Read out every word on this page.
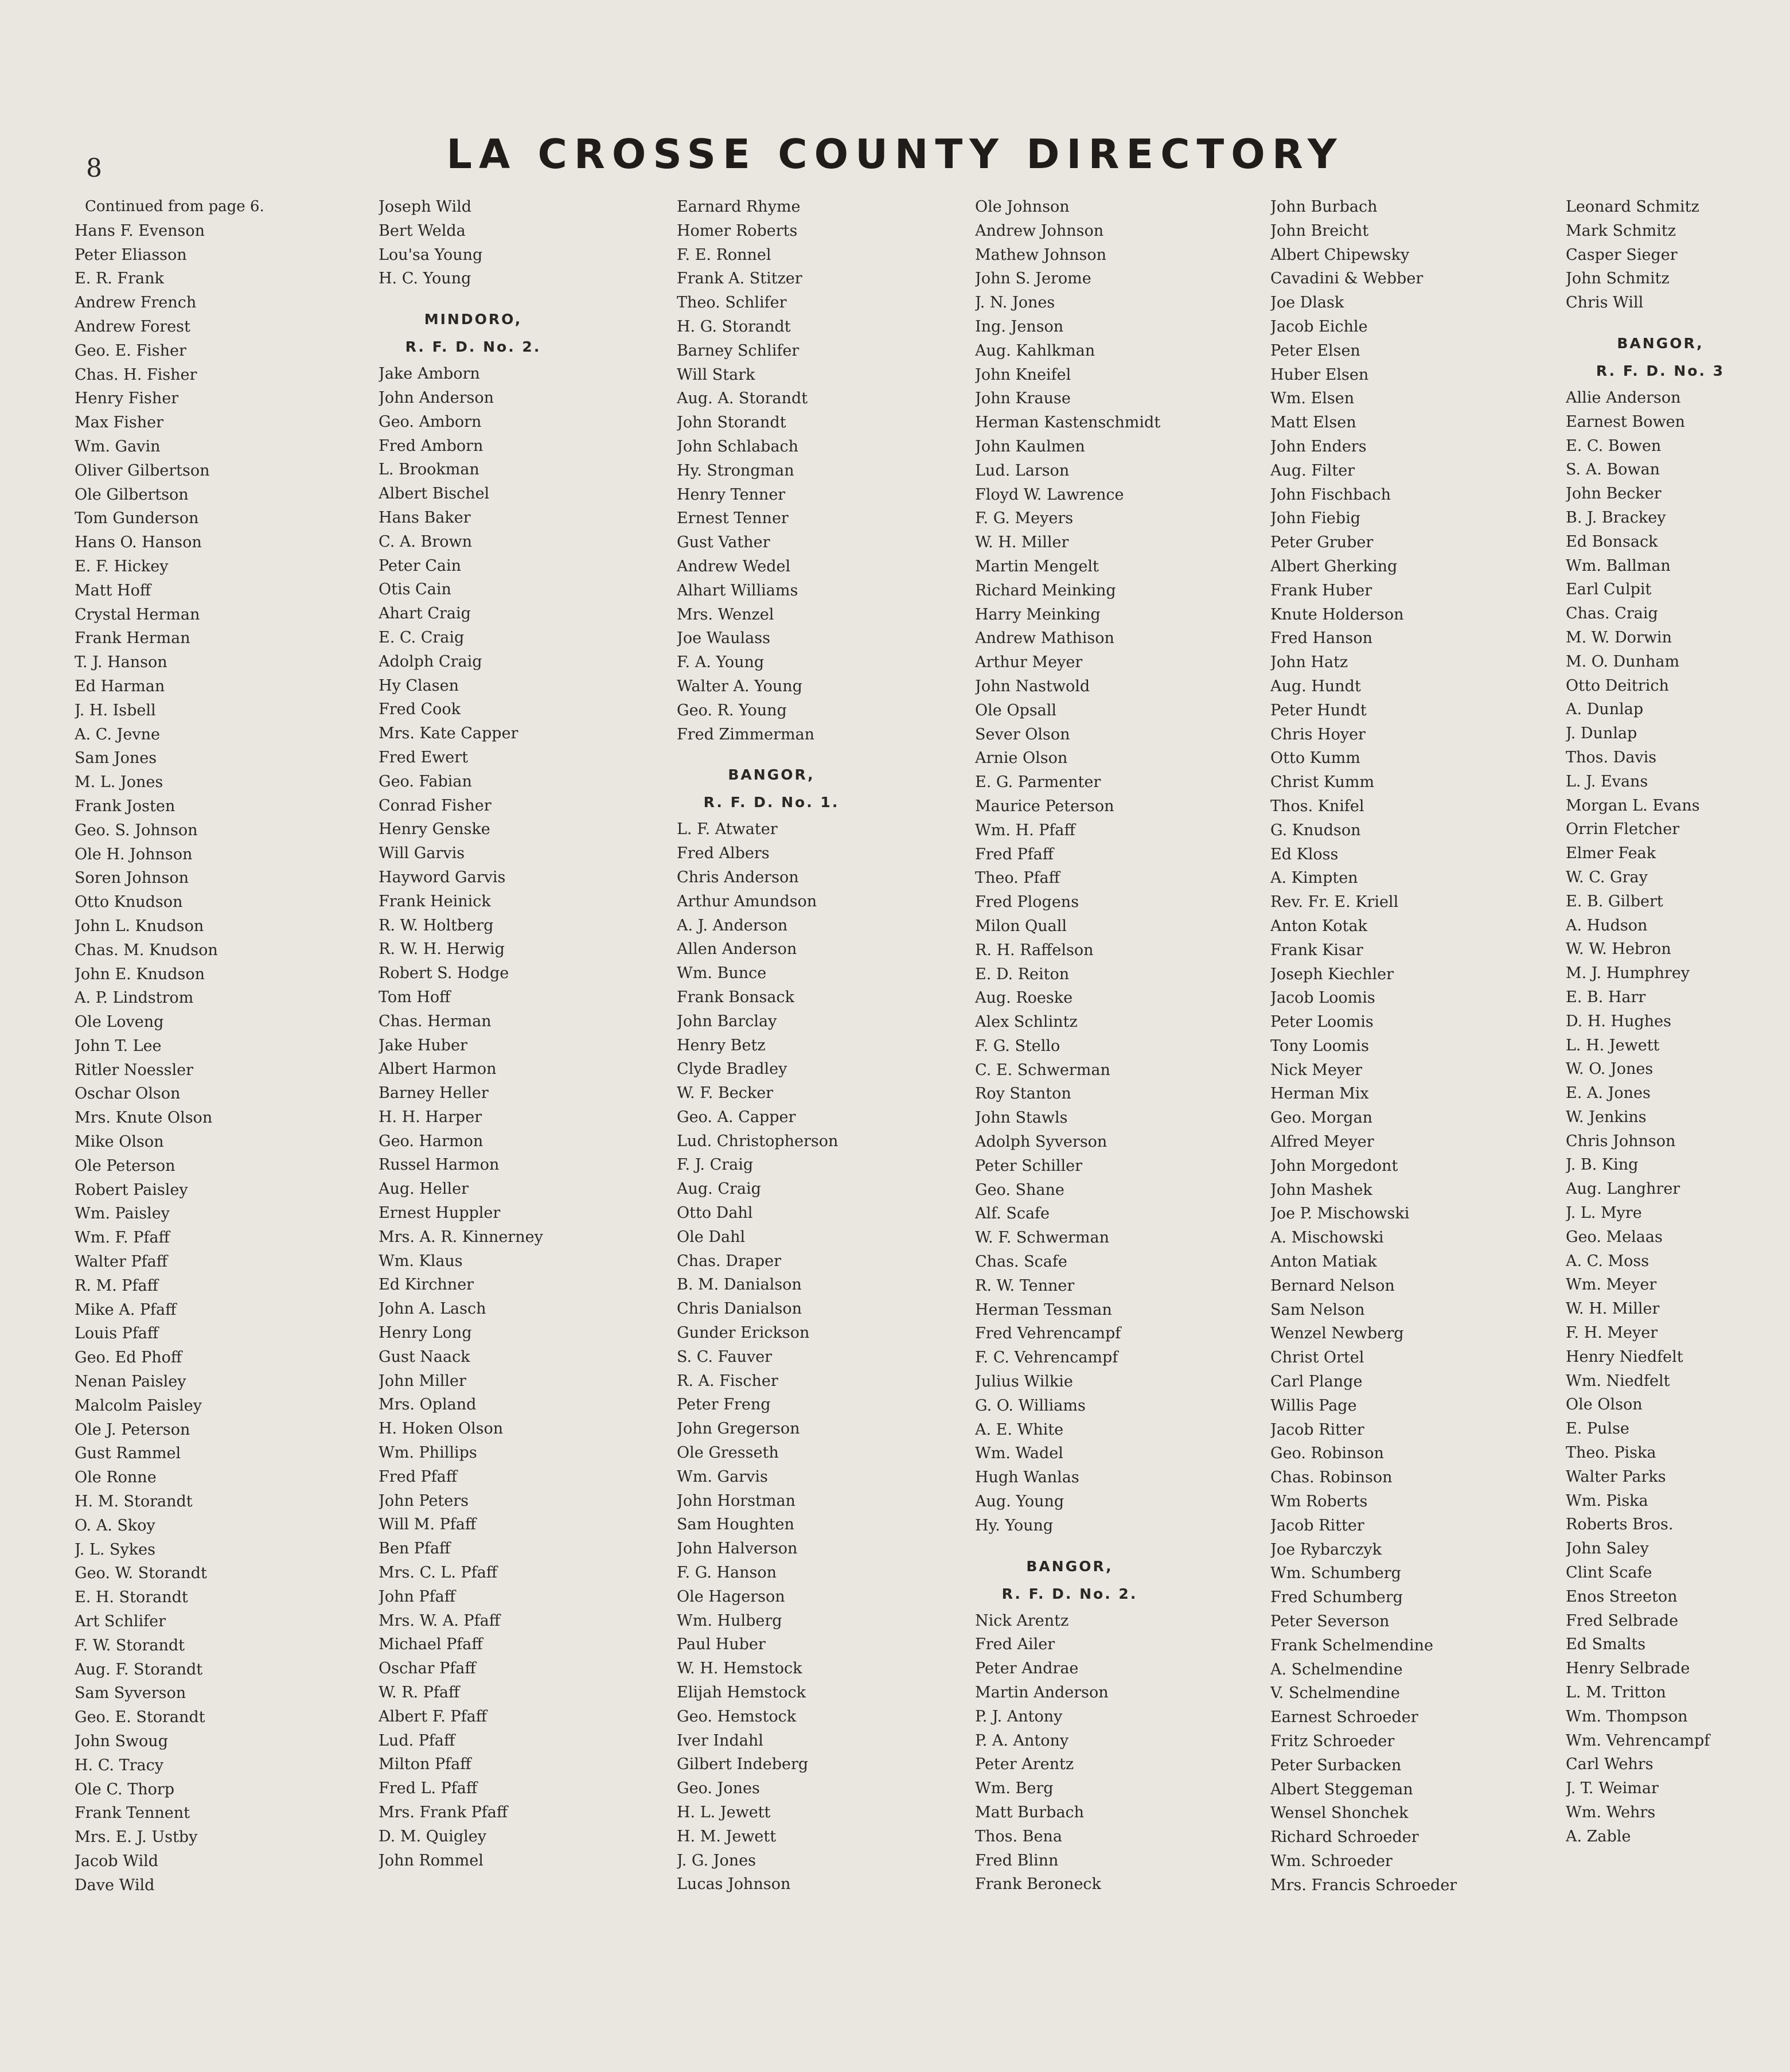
8	LA CROSSE COUNTY DIRECTORY
Continued from page 6.
Hans F. Evenson
Peter Eliasson
E. R. Frank
Andrew French
Andrew Forest
Geo. E. Fisher
Chas. H. Fisher
Henry Fisher
Max Fisher
Wm. Gavin
Oliver Gilbertson
Ole Gilbertson
Tom Gunderson
Hans O. Hanson
E. F. Hickey
Matt Hoff
Crystal Herman
Frank Herman
T. J. Hanson
Ed Harman
J. H. Isbell
A. C. Jevne
Sam Jones
M. L. Jones
Frank Josten
Geo. S. Johnson
Ole H. Johnson
Soren Johnson
Otto Knudson
John L. Knudson
Chas. M. Knudson
John E. Knudson
A. P. Lindstrom
Ole Loveng
John T. Lee
Ritler Noessler
Oschar Olson
Mrs. Knute Olson
Mike Olson
Ole Peterson
Robert Paisley
Wm. Paisley
Wm. F. Pfaff
Walter Pfaff
R. M. Pfaff
Mike A. Pfaff
Louis Pfaff
Geo. Ed Phoff
Nenan Paisley
Malcolm Paisley
Ole J. Peterson
Gust Rammel
Ole Ronne
H. M. Storandt
O. A. Skoy
J. L. Sykes
Geo. W. Storandt
E. H. Storandt
Art Schlifer
F. W. Storandt
Aug. F. Storandt
Sam Syverson
Geo. E. Storandt
John Swoug
H. C. Tracy
Ole C. Thorp
Frank Tennent
Mrs. E. J. Ustby
Jacob Wild
Dave Wild
Joseph Wild
Bert Welda
Lou'sa Young
H. C. Young
MINDORO,
R. F. D. No. 2.
Jake Amborn
John Anderson
Geo. Amborn
Fred Amborn
L. Brookman
Albert Bischel
Hans Baker
C. A. Brown
Peter Cain
Otis Cain
Ahart Craig
E. C. Craig
Adolph Craig
Hy Clasen
Fred Cook
Mrs. Kate Capper
Fred Ewert
Geo. Fabian
Conrad Fisher
Henry Genske
Will Garvis
Hayword Garvis
Frank Heinick
R. W. Holtberg
R. W. H. Herwig
Robert S. Hodge
Tom Hoff
Chas. Herman
Jake Huber
Albert Harmon
Barney Heller
H. H. Harper
Geo. Harmon
Russel Harmon
Aug. Heller
Ernest Huppler
Mrs. A. R. Kinnerney
Wm. Klaus
Ed Kirchner
John A. Lasch
Henry Long
Gust Naack
John Miller
Mrs. Opland
H. Hoken Olson
Wm. Phillips
Fred Pfaff
John Peters
Will M. Pfaff
Ben Pfaff
Mrs. C. L. Pfaff
John Pfaff
Mrs. W. A. Pfaff
Michael Pfaff
Oschar Pfaff
W. R. Pfaff
Albert F. Pfaff
Lud. Pfaff
Milton Pfaff
Fred L. Pfaff
Mrs. Frank Pfaff
D. M. Quigley
John Rommel
Earnard Rhyme
Homer Roberts
F. E. Ronnel
Frank A. Stitzer
Theo. Schlifer
H. G. Storandt
Barney Schlifer
Will Stark
Aug. A. Storandt
John Storandt
John Schlabach
Hy. Strongman
Henry Tenner
Ernest Tenner
Gust Vather
Andrew Wedel
Alhart Williams
Mrs. Wenzel
Joe Waulass
F. A. Young
Walter A. Young
Geo. R. Young
Fred Zimmerman
BANGOR,
R. F. D. No. 1.
L. F. Atwater
Fred Albers
Chris Anderson
Arthur Amundson
A. J. Anderson
Allen Anderson
Wm. Bunce
Frank Bonsack
John Barclay
Henry Betz
Clyde Bradley
W. F. Becker
Geo. A. Capper
Lud. Christopherson
F. J. Craig
Aug. Craig
Otto Dahl
Ole Dahl
Chas. Draper
B. M. Danialson
Chris Danialson
Gunder Erickson
S. C. Fauver
R. A. Fischer
Peter Freng
John Gregerson
Ole Gresseth
Wm. Garvis
John Horstman
Sam Houghten
John Halverson
F. G. Hanson
Ole Hagerson
Wm. Hulberg
Paul Huber
W. H. Hemstock
Elijah Hemstock
Geo. Hemstock
Iver Indahl
Gilbert Indeberg
Geo. Jones
H. L. Jewett
H. M. Jewett
J. G. Jones
Lucas Johnson
Ole Johnson
Andrew Johnson
Mathew Johnson
John S. Jerome
J. N. Jones
Ing. Jenson
Aug. Kahlkman
John Kneifel
John Krause
Herman Kastenschmidt
John Kaulmen
Lud. Larson
Floyd W. Lawrence
F. G. Meyers
W. H. Miller
Martin Mengelt
Richard Meinking
Harry Meinking
Andrew Mathison
Arthur Meyer
John Nastwold
Ole Opsall
Sever Olson
Arnie Olson
E. G. Parmenter
Maurice Peterson
Wm. H. Pfaff
Fred Pfaff
Theo. Pfaff
Fred Plogens
Milon Quall
R. H. Raffelson
E. D. Reiton
Aug. Roeske
Alex Schlintz
F. G. Stello
C. E. Schwerman
Roy Stanton
John Stawls
Adolph Syverson
Peter Schiller
Geo. Shane
Alf. Scafe
W. F. Schwerman
Chas. Scafe
R. W. Tenner
Herman Tessman
Fred Vehrencampf
F. C. Vehrencampf
Julius Wilkie
G. O. Williams
A. E. White
Wm. Wadel
Hugh Wanlas
Aug. Young
Hy. Young
BANGOR,
R. F. D. No. 2.
Nick Arentz
Fred Ailer
Peter Andrae
Martin Anderson
P. J. Antony
P. A. Antony
Peter Arentz
Wm. Berg
Matt Burbach
Thos. Bena
Fred Blinn
Frank Beroneck
John Burbach
John Breicht
Albert Chipewsky
Cavadini & Webber
Joe Dlask
Jacob Eichle
Peter Elsen
Huber Elsen
Wm. Elsen
Matt Elsen
John Enders
Aug. Filter
John Fischbach
John Fiebig
Peter Gruber
Albert Gherking
Frank Huber
Knute Holderson
Fred Hanson
John Hatz
Aug. Hundt
Peter Hundt
Chris Hoyer
Otto Kumm
Christ Kumm
Thos. Knifel
G. Knudson
Ed Kloss
A. Kimpten
Rev. Fr. E. Kriell
Anton Kotak
Frank Kisar
Joseph Kiechler
Jacob Loomis
Peter Loomis
Tony Loomis
Nick Meyer
Herman Mix
Geo. Morgan
Alfred Meyer
John Morgedont
John Mashek
Joe P. Mischowski
A. Mischowski
Anton Matiak
Bernard Nelson
Sam Nelson
Wenzel Newberg
Christ Ortel
Carl Plange
Willis Page
Jacob Ritter
Geo. Robinson
Chas. Robinson
Wm Roberts
Jacob Ritter
Joe Rybarczyk
Wm. Schumberg
Fred Schumberg
Peter Severson
Frank Schelmendine
A. Schelmendine
V. Schelmendine
Earnest Schroeder
Fritz Schroeder
Peter Surbacken
Albert Steggeman
Wensel Shonchek
Richard Schroeder
Wm. Schroeder
Mrs. Francis Schroeder
Leonard Schmitz
Mark Schmitz
Casper Sieger
John Schmitz
Chris Will
BANGOR,
R. F. D. No. 3
Allie Anderson
Earnest Bowen
E. C. Bowen
S. A. Bowan
John Becker
B. J. Brackey
Ed Bonsack
Wm. Ballman
Earl Culpit
Chas. Craig
M. W. Dorwin
M. O. Dunham
Otto Deitrich
A. Dunlap
J. Dunlap
Thos. Davis
L. J. Evans
Morgan L. Evans
Orrin Fletcher
Elmer Feak
W. C. Gray
E. B. Gilbert
A. Hudson
W. W. Hebron
M. J. Humphrey
E. B. Harr
D. H. Hughes
L. H. Jewett
W. O. Jones
E. A. Jones
W. Jenkins
Chris Johnson
J. B. King
Aug. Langhrer
J. L. Myre
Geo. Melaas
A. C. Moss
Wm. Meyer
W. H. Miller
F. H. Meyer
Henry Niedfelt
Wm. Niedfelt
Ole Olson
E. Pulse
Theo. Piska
Walter Parks
Wm. Piska
Roberts Bros.
John Saley
Clint Scafe
Enos Streeton
Fred Selbrade
Ed Smalts
Henry Selbrade
L. M. Tritton
Wm. Thompson
Wm. Vehrencampf
Carl Wehrs
J. T. Weimar
Wm. Wehrs
A. Zable
